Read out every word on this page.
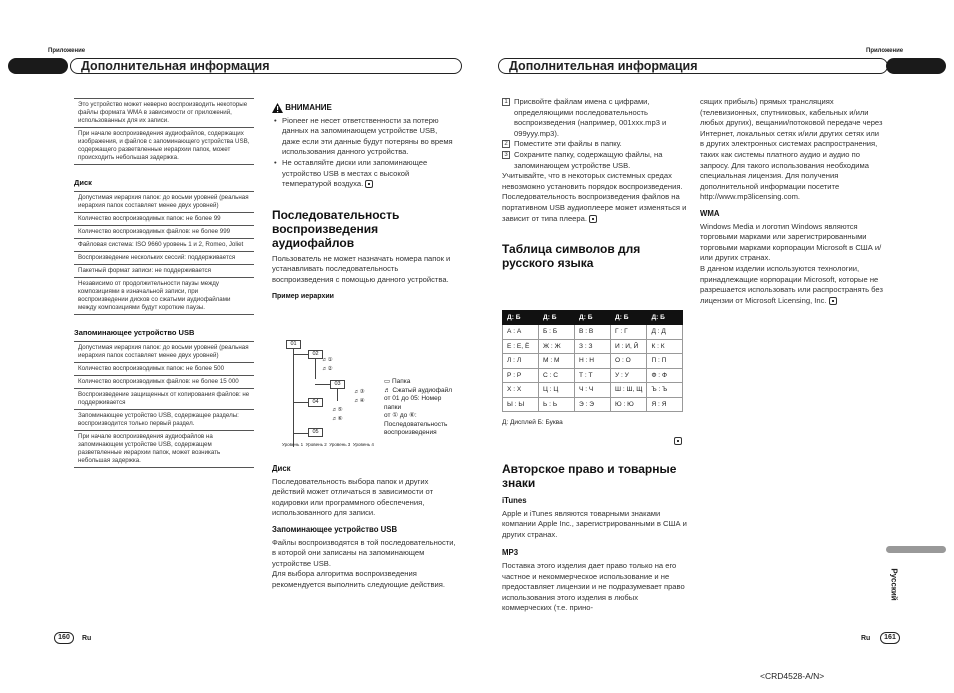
Приложение
Дополнительная информация
Это устройство может неверно воспроизводить некоторые файлы формата WMA в зависимости от приложений, использованных для их записи.
При начале воспроизведения аудиофайлов, содержащих изображения, и файлов с запоминающего устройства USB, содержащего разветвленные иерархии папок, может происходить небольшая задержка.
Диск
Допустимая иерархия папок: до восьми уровней (реальная иерархия папок составляет менее двух уровней)
Количество воспроизводимых папок: не более 99
Количество воспроизводимых файлов: не более 999
Файловая система: ISO 9660 уровень 1 и 2, Romeo, Joliet
Воспроизведение нескольких сессий: поддерживается
Пакетный формат записи: не поддерживается
Независимо от продолжительности паузы между композициями в изначальной записи, при воспроизведении дисков со сжатыми аудиофайлами между композициями будут короткие паузы.
Запоминающее устройство USB
Допустимая иерархия папок: до восьми уровней (реальная иерархия папок составляет менее двух уровней)
Количество воспроизводимых папок: не более 500
Количество воспроизводимых файлов: не более 15 000
Воспроизведение защищенных от копирования файлов: не поддерживается
Запоминающее устройство USB, содержащее разделы: воспроизводится только первый раздел.
При начале воспроизведения аудиофайлов на запоминающем устройстве USB, содержащем разветвленные иерархии папок, может возникать небольшая задержка.
ВНИМАНИЕ
• Pioneer не несет ответственности за потерю данных на запоминающем устройстве USB, даже если эти данные будут потеряны во время использования данного устройства.
• Не оставляйте диски или запоминающее устройство USB в местах с высокой температурой воздуха.
Последовательность воспроизведения аудиофайлов
Пользователь не может назначать номера папок и устанавливать последовательность воспроизведения с помощью данного устройства.
Пример иерархии
01
02
♬①
♬②
03
♬③
♬④
04
♬⑤
♬⑥
05
Уровень 1 Уровень 2 Уровень 3 Уровень 4
▭ Папка
♬ Сжатый аудиофайл
от 01 до 05: Номер папки
от ① до ⑥: Последовательность воспроизведения
Диск
Последовательность выбора папок и других действий может отличаться в зависимости от кодировки или программного обеспечения, использованного для записи.
Запоминающее устройство USB
Файлы воспроизводятся в той последовательности, в которой они записаны на запоминающем устройстве USB.
Для выбора алгоритма воспроизведения рекомендуется выполнить следующие действия.
160	Ru
Приложение
Дополнительная информация
1 Присвойте файлам имена с цифрами, определяющими последовательность воспроизведения (например, 001xxx.mp3 и 099yyy.mp3).
2 Поместите эти файлы в папку.
3 Сохраните папку, содержащую файлы, на запоминающем устройстве USB.
Учитывайте, что в некоторых системных средах невозможно установить порядок воспроизведения.
Последовательность воспроизведения файлов на портативном USB аудиоплеере может изменяться и зависит от типа плеера.
Таблица символов для русского языка
Д: Б	Д: Б	Д: Б	Д: Б	Д: Б
А : А	Б : Б	В : В	Г : Г	Д : Д
Е : Е, Ё	Ж : Ж	З : З	И : И, Й	К : К
Л : Л	М : М	Н : Н	О : О	П : П
Р : Р	С : С	Т : Т	У : У	Ф : Ф
Х : Х	Ц : Ц	Ч : Ч	Ш : Ш, Щ	Ъ : Ъ
Ы : Ы	Ь : Ь	Э : Э	Ю : Ю	Я : Я
Д: Дисплей Б: Буква
Авторское право и товарные знаки
iTunes
Apple и iTunes являются товарными знаками компании Apple Inc., зарегистрированными в США и других странах.
MP3
Поставка этого изделия дает право только на его частное и некоммерческое использование и не предоставляет лицензии и не подразумевает право использования этого изделия в любых коммерческих (т.е. прино-
сящих прибыль) прямых трансляциях (телевизионных, спутниковых, кабельных и/или любых других), вещании/потоковой передаче через Интернет, локальных сетях и/или других сетях или в других электронных системах распространения, таких как системы платного аудио и аудио по запросу. Для такого использования необходима специальная лицензия. Для получения дополнительной информации посетите http://www.mp3licensing.com.
WMA
Windows Media и логотип Windows являются торговыми марками или зарегистрированными торговыми марками корпорации Microsoft в США и/или других странах.
В данном изделии используются технологии, принадлежащие корпорации Microsoft, которые не разрешается использовать или распространять без лицензии от Microsoft Licensing, Inc.
Русский
Ru	161
<CRD4528-A/N>
